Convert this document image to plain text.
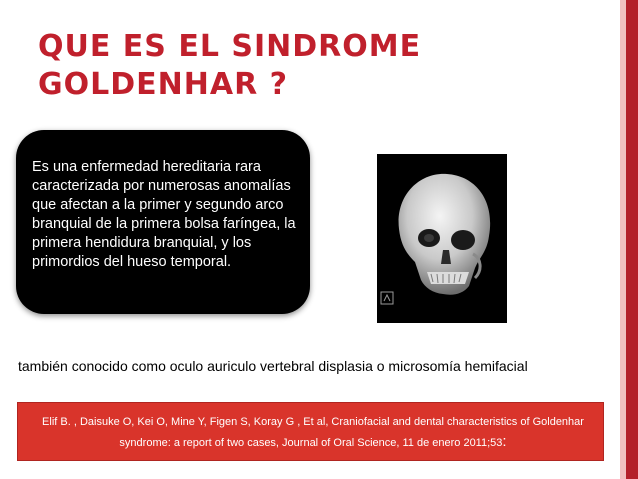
QUE ES EL SINDROME
GOLDENHAR ?
Es una enfermedad hereditaria rara caracterizada por numerosas anomalías que afectan a la primer y segundo arco branquial de la primera bolsa faríngea, la primera hendidura branquial, y los primordios del hueso temporal.
también conocido como oculo auriculo vertebral displasia o microsomía hemifacial
Elif B. , Daisuke O, Kei O, Mine Y, Figen S, Koray G , Et al, Craniofacial and dental characteristics of Goldenhar syndrome: a report of two cases, Journal of Oral Science, 11 de enero 2011;53:
